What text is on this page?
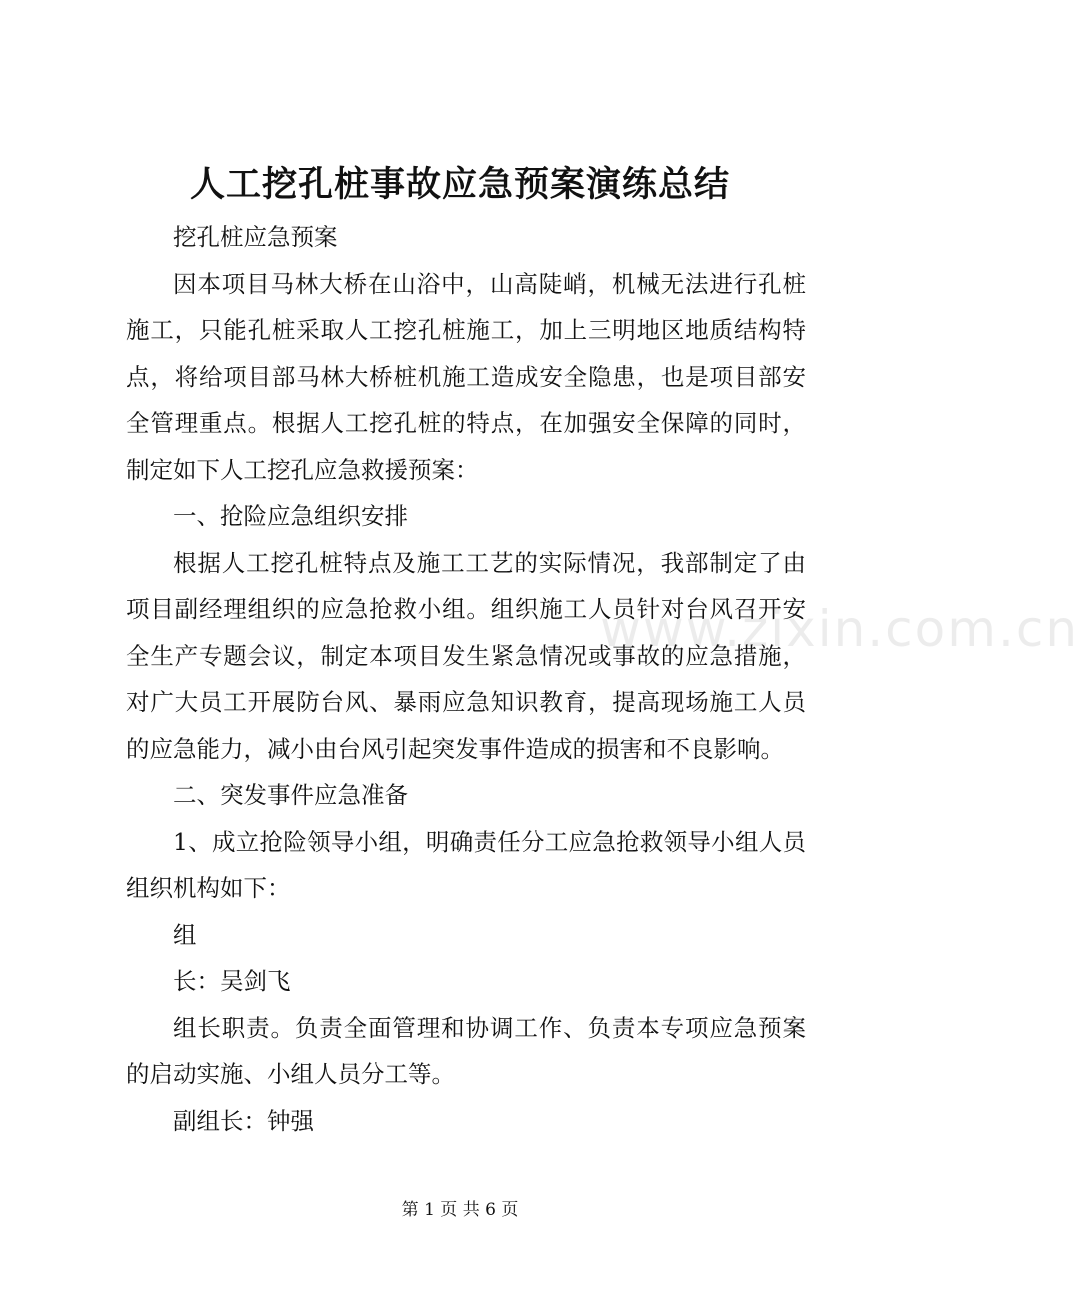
人工挖孔桩事故应急预案演练总结

挖孔桩应急预案

因本项目马林大桥在山浴中，山高陡峭，机械无法进行孔桩施工，只能孔桩采取人工挖孔桩施工，加上三明地区地质结构特点，将给项目部马林大桥桩机施工造成安全隐患，也是项目部安全管理重点。根据人工挖孔桩的特点，在加强安全保障的同时，制定如下人工挖孔应急救援预案：

一、抢险应急组织安排

根据人工挖孔桩特点及施工工艺的实际情况，我部制定了由项目副经理组织的应急抢救小组。组织施工人员针对台风召开安全生产专题会议，制定本项目发生紧急情况或事故的应急措施，对广大员工开展防台风、暴雨应急知识教育，提高现场施工人员的应急能力，减小由台风引起突发事件造成的损害和不良影响。

二、突发事件应急准备

1、成立抢险领导小组，明确责任分工应急抢救领导小组人员组织机构如下：

组

长：吴剑飞

组长职责。负责全面管理和协调工作、负责本专项应急预案的启动实施、小组人员分工等。

副组长：钟强

www.zixin.com.cn
第 1 页 共 6 页
